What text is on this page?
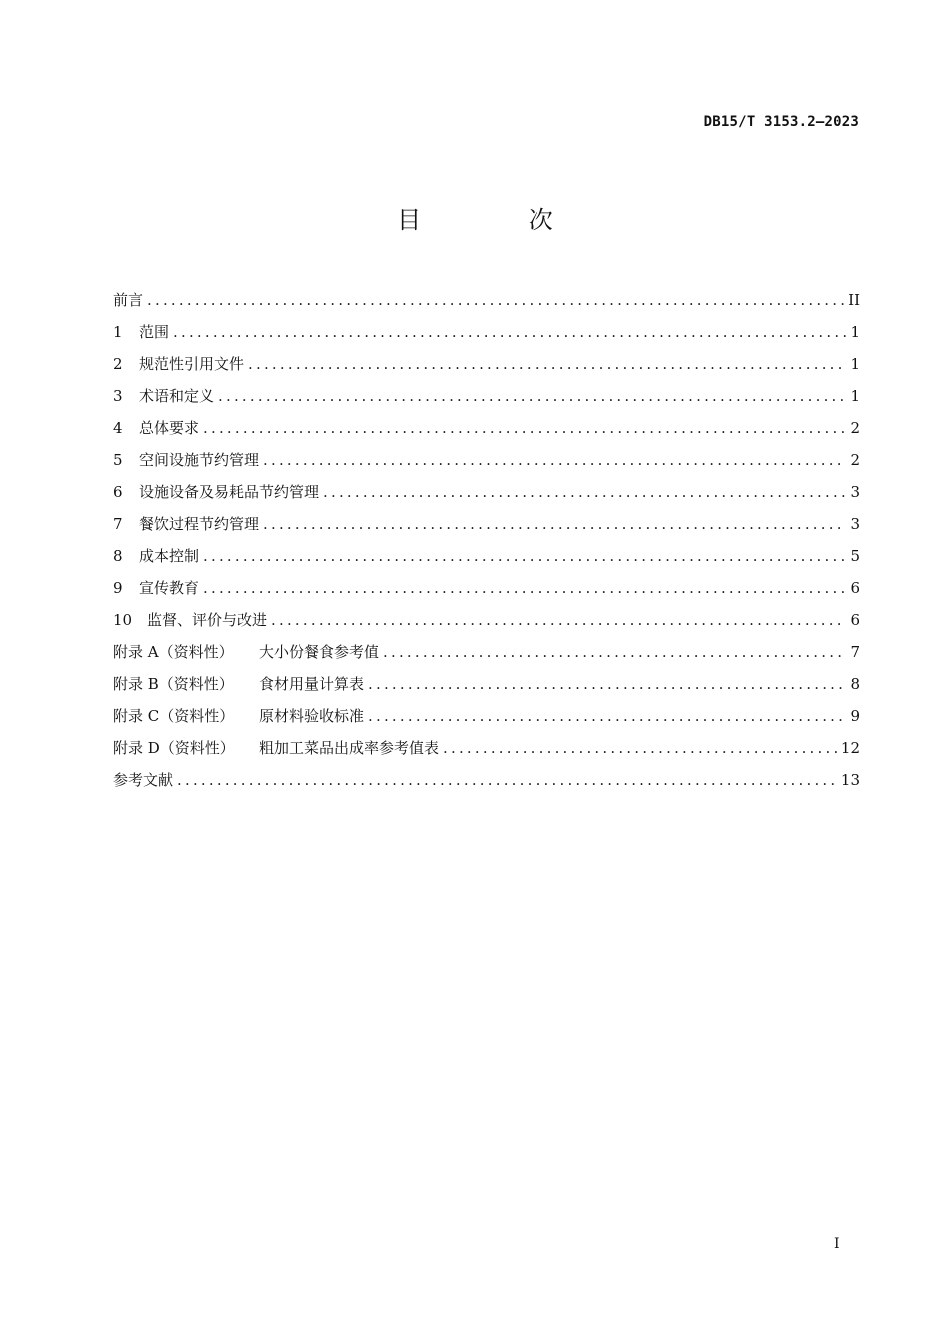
DB15/T 3153.2—2023
目 次
前言 .....	II
1	范围 .....	1
2	规范性引用文件 .....	1
3	术语和定义 .....	1
4	总体要求 .....	2
5	空间设施节约管理 .....	2
6	设施设备及易耗品节约管理 .....	3
7	餐饮过程节约管理 .....	3
8	成本控制 .....	5
9	宣传教育 .....	6
10 监督、评价与改进 .....	6
附录 A（资料性）	大小份餐食参考值 .....	7
附录 B（资料性）	食材用量计算表 .....	8
附录 C（资料性）	原材料验收标准 .....	9
附录 D（资料性）	粗加工菜品出成率参考值表 .....	12
参考文献 .....	13
I
